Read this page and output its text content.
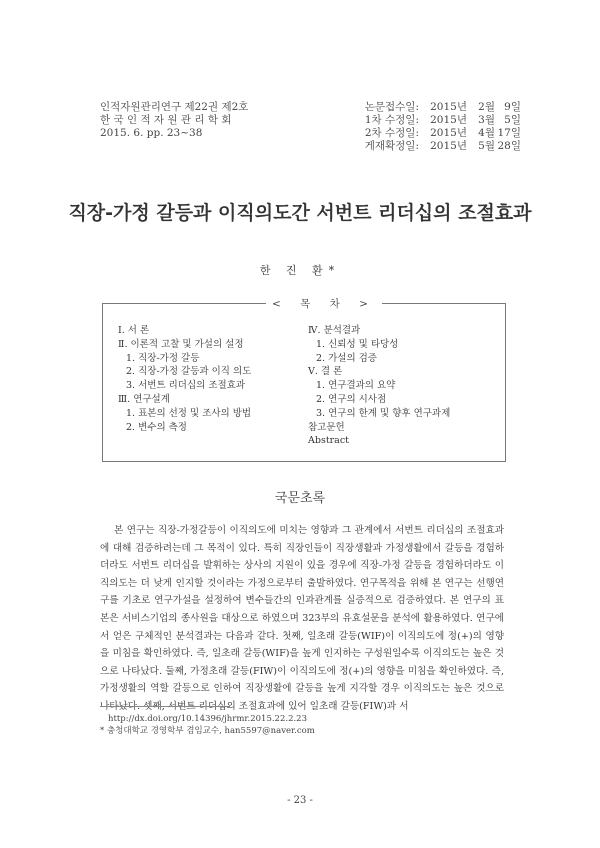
인적자원관리연구 제22권 제2호
한 국 인 적 자 원 관 리 학 회
2015. 6. pp. 23~38
논문접수일:	2015년	2월 9일
1차 수정일:	2015년	3월 5일
2차 수정일:	2015년	4월 17일
게재확정일:	2015년	5월 28일
직장-가정 갈등과 이직의도간 서번트 리더십의 조절효과
한 진 환*
Ⅰ. 서 론
Ⅱ. 이론적 고찰 및 가설의 설정
1. 직장-가정 갈등
2. 직장-가정 갈등과 이직 의도
3. 서번트 리더십의 조절효과
Ⅲ. 연구설계
1. 표본의 선정 및 조사의 방법
2. 변수의 측정
Ⅳ. 분석결과
1. 신뢰성 및 타당성
2. 가설의 검증
Ⅴ. 결 론
1. 연구결과의 요약
2. 연구의 시사점
3. 연구의 한계 및 향후 연구과제
참고문헌
Abstract
< 목 차 >
국문초록
본 연구는 직장-가정갈등이 이직의도에 미치는 영향과 그 관계에서 서번트 리더십의 조절효과에 대해 검증하려는데 그 목적이 있다. 특히 직장인들이 직장생활과 가정생활에서 갈등을 경험하더라도 서번트 리더십을 발휘하는 상사의 지원이 있을 경우에 직장-가정 갈등을 경험하더라도 이직의도는 더 낮게 인지할 것이라는 가정으로부터 출발하였다. 연구목적을 위해 본 연구는 선행연구를 기초로 연구가설을 설정하여 변수들간의 인과관계를 실증적으로 검증하였다. 본 연구의 표본은 서비스기업의 종사원을 대상으로 하였으며 323부의 유효설문을 분석에 활용하였다. 연구에서 얻은 구체적인 분석결과는 다음과 같다. 첫째, 일초래 갈등(WIF)이 이직의도에 정(+)의 영향을 미침을 확인하였다. 즉, 일초래 갈등(WIF)을 높게 인지하는 구성원일수록 이직의도는 높은 것으로 나타났다. 둘째, 가정초래 갈등(FIW)이 이직의도에 정(+)의 영향을 미침을 확인하였다. 즉, 가정생활의 역할 갈등으로 인하여 직장생활에 갈등을 높게 지각할 경우 이직의도는 높은 것으로 나타났다. 셋째, 서번트 리더십의 조절효과에 있어 일초래 갈등(FIW)과 서
http://dx.doi.org/10.14396/jhrmr.2015.22.2.23
* 충청대학교 경영학부 겸임교수, han5597@naver.com
- 23 -
